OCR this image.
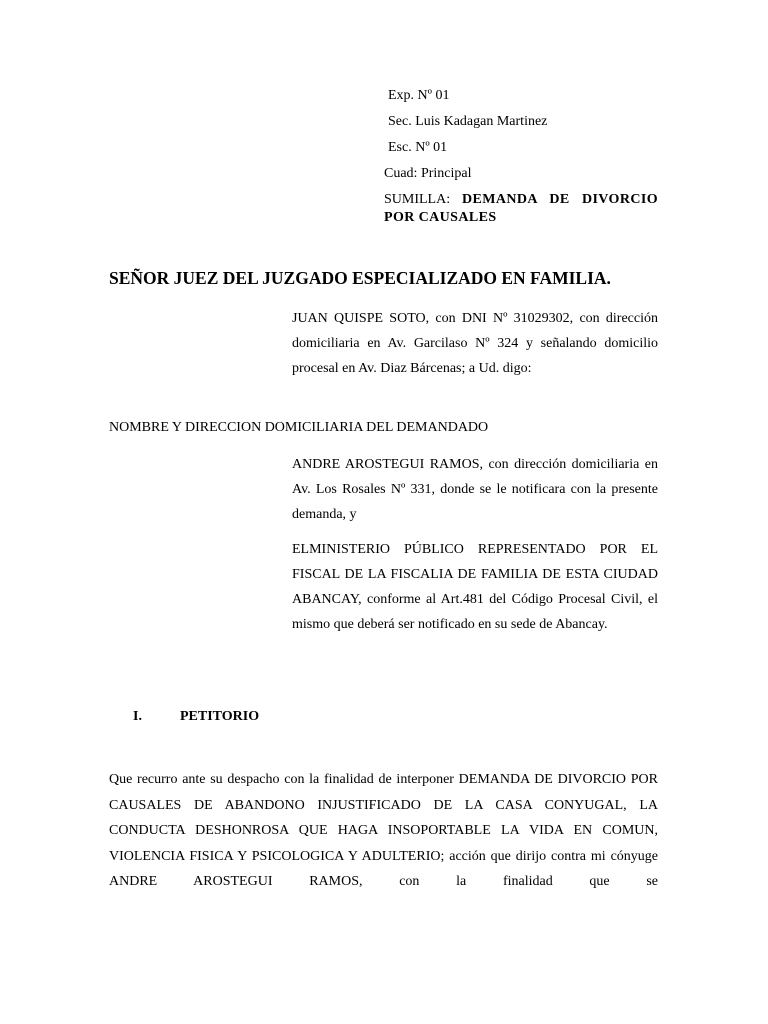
Exp. Nº 01
Sec. Luis Kadagan Martinez
Esc. Nº 01
Cuad: Principal
SUMILLA: DEMANDA DE DIVORCIO POR CAUSALES
SEÑOR JUEZ DEL JUZGADO ESPECIALIZADO EN FAMILIA.
JUAN QUISPE SOTO, con DNI Nº 31029302, con dirección domiciliaria en Av. Garcilaso Nº 324 y señalando domicilio procesal en Av. Diaz Bárcenas; a Ud. digo:
NOMBRE Y DIRECCION DOMICILIARIA DEL DEMANDADO
ANDRE AROSTEGUI RAMOS, con dirección domiciliaria en Av. Los Rosales Nº 331, donde se le notificara con la presente demanda, y
ELMINISTERIO PÚBLICO REPRESENTADO POR EL FISCAL DE LA FISCALIA DE FAMILIA DE ESTA CIUDAD ABANCAY, conforme al Art.481 del Código Procesal Civil, el mismo que deberá ser notificado en su sede de Abancay.
I.	PETITORIO
Que recurro ante su despacho con la finalidad de interponer DEMANDA DE DIVORCIO POR CAUSALES DE ABANDONO INJUSTIFICADO DE LA CASA CONYUGAL, LA CONDUCTA DESHONROSA QUE HAGA INSOPORTABLE LA VIDA EN COMUN, VIOLENCIA FISICA Y PSICOLOGICA Y ADULTERIO; acción que dirijo contra mi cónyuge ANDRE AROSTEGUI RAMOS, con la finalidad que se
